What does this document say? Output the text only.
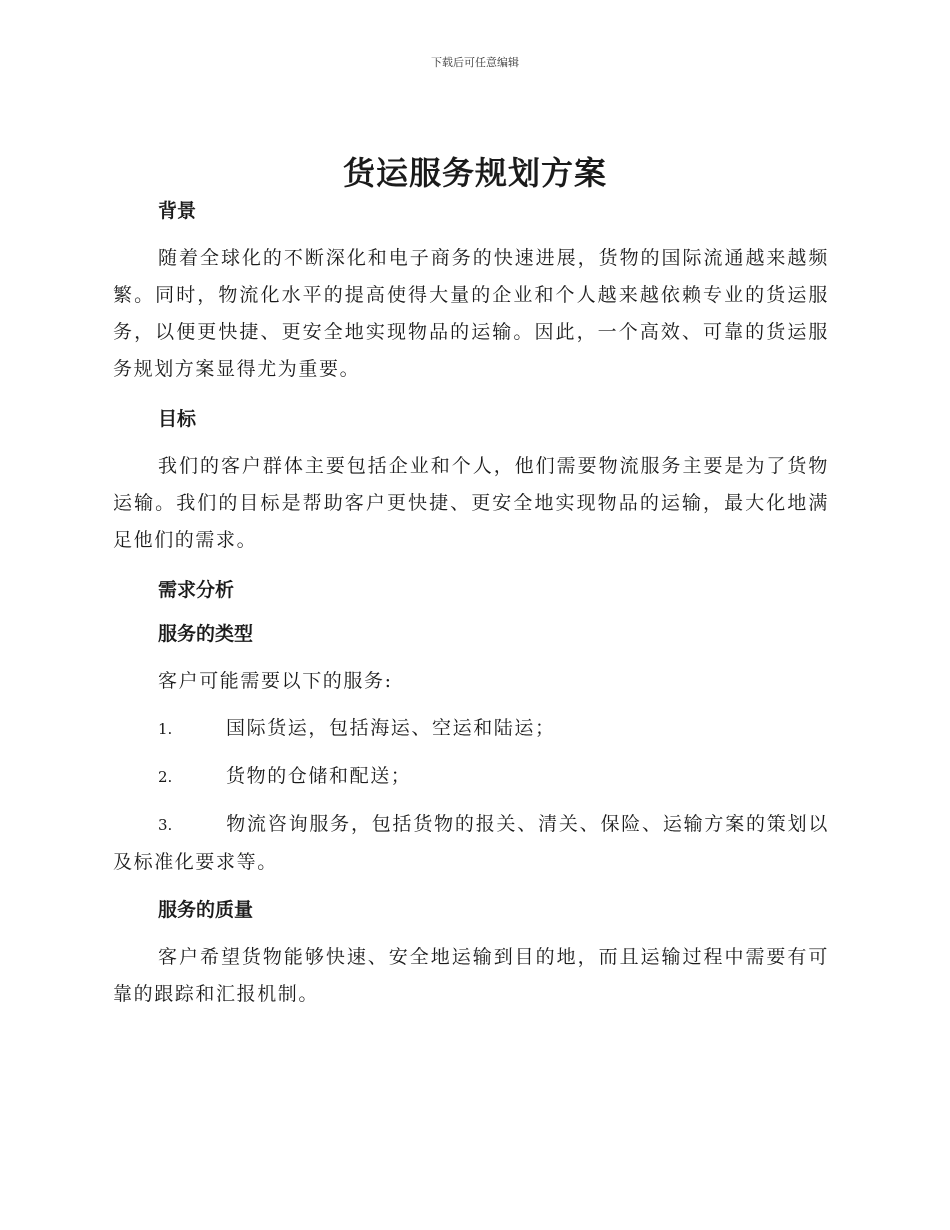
下载后可任意编辑
货运服务规划方案

背景

随着全球化的不断深化和电子商务的快速进展，货物的国际流通越来越频繁。同时，物流化水平的提高使得大量的企业和个人越来越依赖专业的货运服务，以便更快捷、更安全地实现物品的运输。因此，一个高效、可靠的货运服务规划方案显得尤为重要。

目标

我们的客户群体主要包括企业和个人，他们需要物流服务主要是为了货物运输。我们的目标是帮助客户更快捷、更安全地实现物品的运输，最大化地满足他们的需求。

需求分析

服务的类型

客户可能需要以下的服务:

1.	国际货运，包括海运、空运和陆运；

2.	货物的仓储和配送；

3.	物流咨询服务，包括货物的报关、清关、保险、运输方案的策划以及标准化要求等。

服务的质量

客户希望货物能够快速、安全地运输到目的地，而且运输过程中需要有可靠的跟踪和汇报机制。
